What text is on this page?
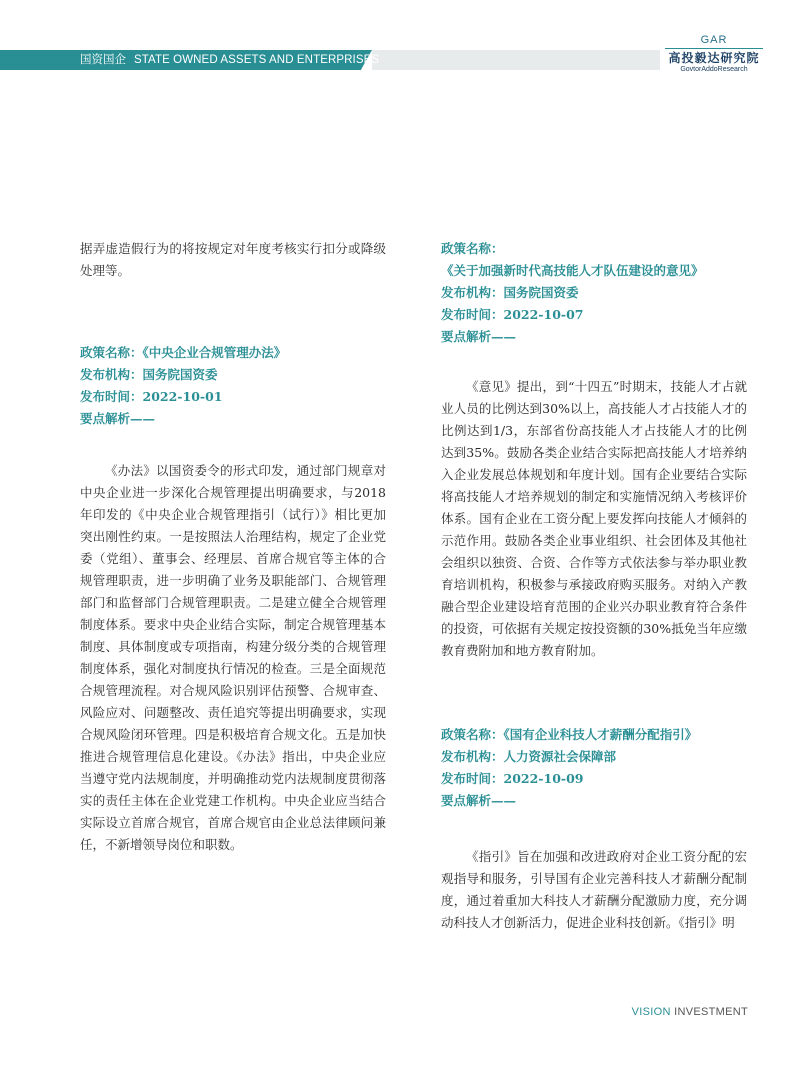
国资国企 STATE OWNED ASSETS AND ENTERPRISES
GAR
高投毅达研究院
GovtorAddoResearch

据弄虚造假行为的将按规定对年度考核实行扣分或降级处理等。

政策名称：《中央企业合规管理办法》
发布机构：国务院国资委
发布时间：2022-10-01
要点解析——

《办法》以国资委令的形式印发，通过部门规章对中央企业进一步深化合规管理提出明确要求，与2018年印发的《中央企业合规管理指引（试行）》相比更加突出刚性约束。一是按照法人治理结构，规定了企业党委（党组）、董事会、经理层、首席合规官等主体的合规管理职责，进一步明确了业务及职能部门、合规管理部门和监督部门合规管理职责。二是建立健全合规管理制度体系。要求中央企业结合实际，制定合规管理基本制度、具体制度或专项指南，构建分级分类的合规管理制度体系，强化对制度执行情况的检查。三是全面规范合规管理流程。对合规风险识别评估预警、合规审查、风险应对、问题整改、责任追究等提出明确要求，实现合规风险闭环管理。四是积极培育合规文化。五是加快推进合规管理信息化建设。《办法》指出，中央企业应当遵守党内法规制度，并明确推动党内法规制度贯彻落实的责任主体在企业党建工作机构。中央企业应当结合实际设立首席合规官，首席合规官由企业总法律顾问兼任，不新增领导岗位和职数。

政策名称：
《关于加强新时代高技能人才队伍建设的意见》
发布机构：国务院国资委
发布时间：2022-10-07
要点解析——

《意见》提出，到“十四五”时期末，技能人才占就业人员的比例达到30%以上，高技能人才占技能人才的比例达到1/3，东部省份高技能人才占技能人才的比例达到35%。鼓励各类企业结合实际把高技能人才培养纳入企业发展总体规划和年度计划。国有企业要结合实际将高技能人才培养规划的制定和实施情况纳入考核评价体系。国有企业在工资分配上要发挥向技能人才倾斜的示范作用。鼓励各类企业事业组织、社会团体及其他社会组织以独资、合资、合作等方式依法参与举办职业教育培训机构，积极参与承接政府购买服务。对纳入产教融合型企业建设培育范围的企业兴办职业教育符合条件的投资，可依据有关规定按投资额的30%抵免当年应缴教育费附加和地方教育附加。

政策名称：《国有企业科技人才薪酬分配指引》
发布机构：人力资源社会保障部
发布时间：2022-10-09
要点解析——

《指引》旨在加强和改进政府对企业工资分配的宏观指导和服务，引导国有企业完善科技人才薪酬分配制度，通过着重加大科技人才薪酬分配激励力度，充分调动科技人才创新活力，促进企业科技创新。《指引》明

VISION INVESTMENT
